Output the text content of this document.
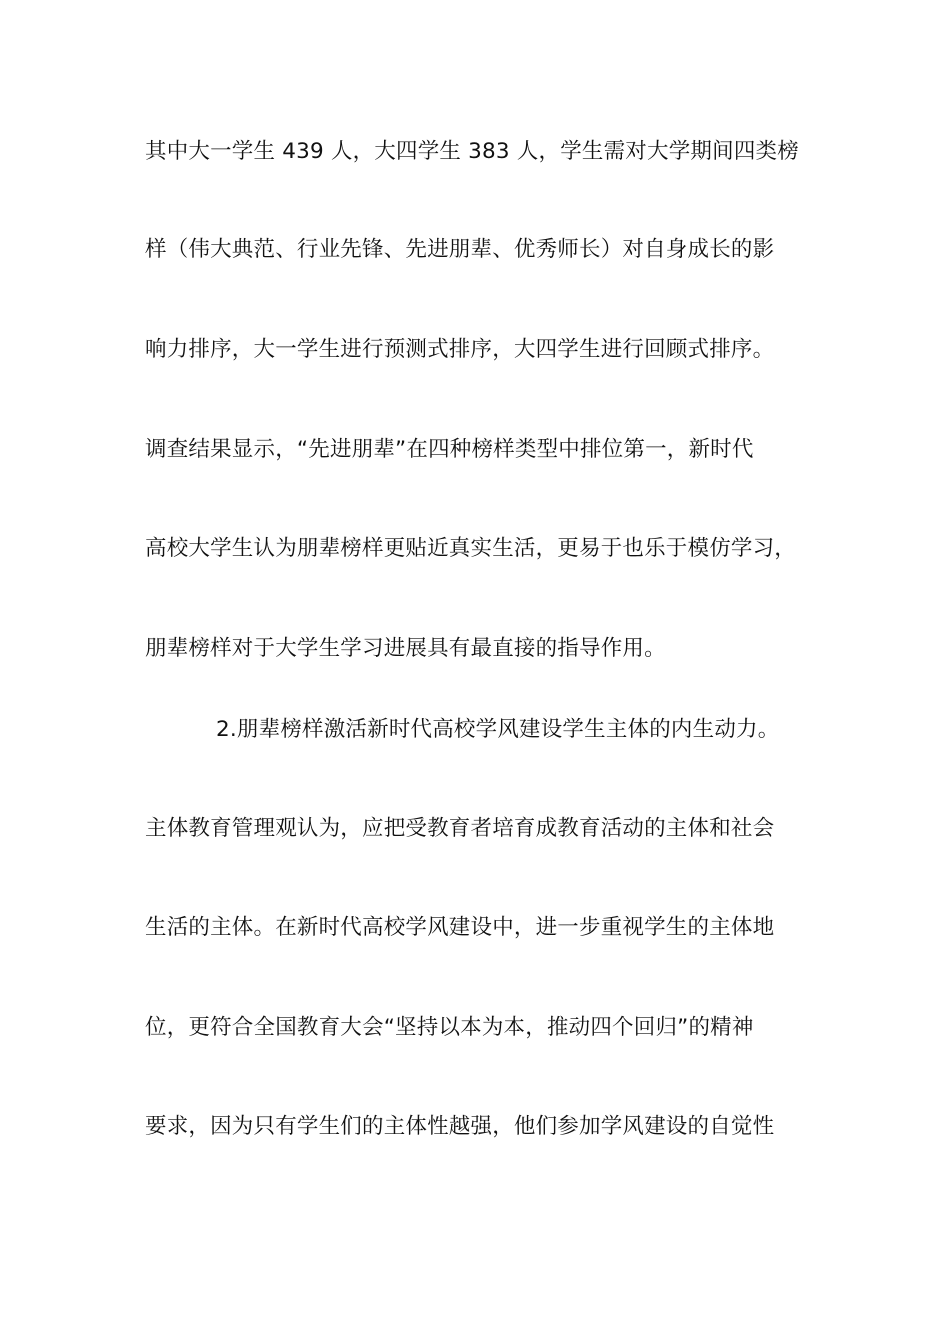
其中大一学生 439 人，大四学生 383 人，学生需对大学期间四类榜
样（伟大典范、行业先锋、先进朋辈、优秀师长）对自身成长的影
响力排序，大一学生进行预测式排序，大四学生进行回顾式排序。
调查结果显示，“先进朋辈”在四种榜样类型中排位第一，新时代
高校大学生认为朋辈榜样更贴近真实生活，更易于也乐于模仿学习，
朋辈榜样对于大学生学习进展具有最直接的指导作用。
2.朋辈榜样激活新时代高校学风建设学生主体的内生动力。
主体教育管理观认为，应把受教育者培育成教育活动的主体和社会
生活的主体。在新时代高校学风建设中，进一步重视学生的主体地
位，更符合全国教育大会“坚持以本为本，推动四个回归”的精神
要求，因为只有学生们的主体性越强，他们参加学风建设的自觉性
